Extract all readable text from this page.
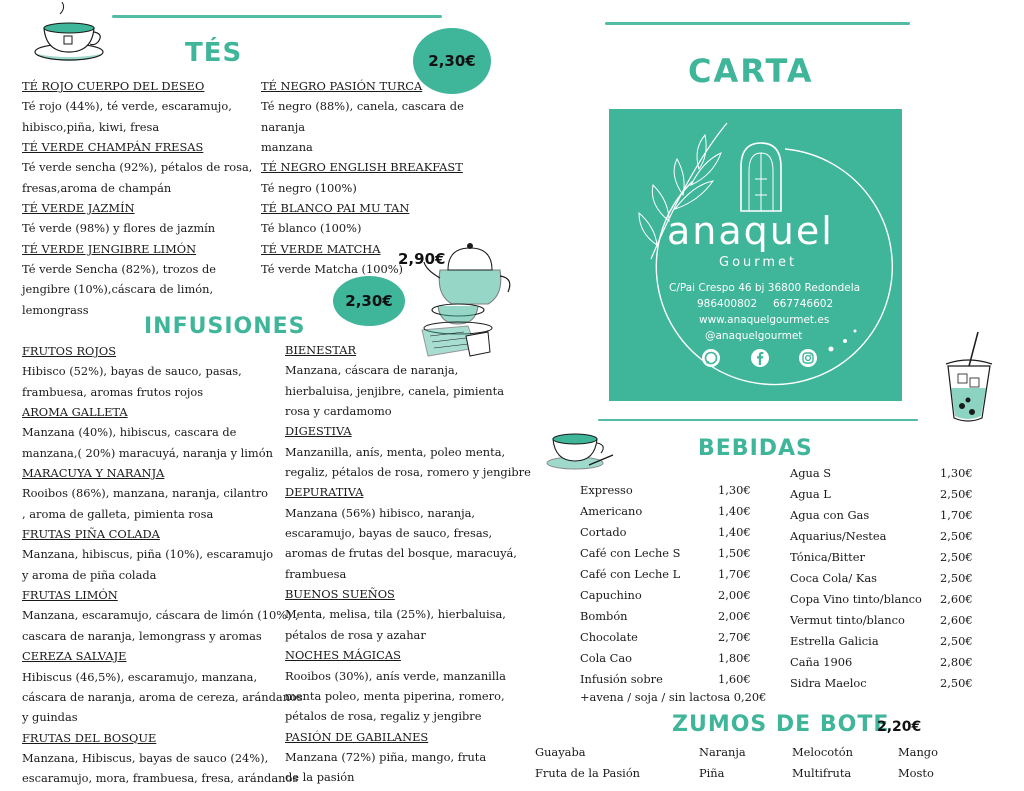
TÉS	2,30€
TÉ ROJO CUERPO DEL DESEO
Té rojo (44%), té verde, escaramujo,
hibisco,piña, kiwi, fresa
TÉ VERDE CHAMPÁN FRESAS
Té verde sencha (92%), pétalos de rosa,
fresas,aroma de champán
TÉ VERDE JAZMÍN
Té verde (98%) y flores de jazmín
TÉ VERDE JENGIBRE LIMÓN
Té verde Sencha (82%), trozos de
jengibre (10%),cáscara de limón,
lemongrass
TÉ NEGRO PASIÓN TURCA
Té negro (88%), canela, cascara de
naranja
manzana
TÉ NEGRO ENGLISH BREAKFAST
Té negro (100%)
TÉ BLANCO PAI MU TAN
Té blanco (100%)
TÉ VERDE MATCHA
Té verde Matcha (100%)
2,90€
2,30€
INFUSIONES
FRUTOS ROJOS
Hibisco (52%), bayas de sauco, pasas,
frambuesa, aromas frutos rojos
AROMA GALLETA
Manzana (40%), hibiscus, cascara de
manzana,( 20%) maracuyá, naranja y limón
MARACUYA Y NARANJA
Rooibos (86%), manzana, naranja, cilantro
, aroma de galleta, pimienta rosa
FRUTAS PIÑA COLADA
Manzana, hibiscus, piña (10%), escaramujo
y aroma de piña colada
FRUTAS LIMÓN
Manzana, escaramujo, cáscara de limón (10%) ,
cascara de naranja, lemongrass y aromas
CEREZA SALVAJE
Hibiscus (46,5%), escaramujo, manzana,
cáscara de naranja, aroma de cereza, arándanos
y guindas
FRUTAS DEL BOSQUE
Manzana, Hibiscus, bayas de sauco (24%),
escaramujo, mora, frambuesa, fresa, arándanos
BIENESTAR
Manzana, cáscara de naranja,
hierbaluisa, jenjibre, canela, pimienta
rosa y cardamomo
DIGESTIVA
Manzanilla, anís, menta, poleo menta,
regaliz, pétalos de rosa, romero y jengibre
DEPURATIVA
Manzana (56%) hibisco, naranja,
escaramujo, bayas de sauco, fresas,
aromas de frutas del bosque, maracuyá,
frambuesa
BUENOS SUEÑOS
Menta, melisa, tila (25%), hierbaluisa,
pétalos de rosa y azahar
NOCHES MÁGICAS
Rooibos (30%), anís verde, manzanilla
menta poleo, menta piperina, romero,
pétalos de rosa, regaliz y jengibre
PASIÓN DE GABILANES
Manzana (72%) piña, mango, fruta
de la pasión
CARTA
anaquel
Gourmet
C/Pai Crespo 46 bj 36800 Redondela
986400802 667746602
www.anaquelgourmet.es
@anaquelgourmet
BEBIDAS
Expresso	1,30€
Americano	1,40€
Cortado	1,40€
Café con Leche S	1,50€
Café con Leche L	1,70€
Capuchino	2,00€
Bombón	2,00€
Chocolate	2,70€
Cola Cao	1,80€
Infusión sobre	1,60€
+avena / soja / sin lactosa 0,20€
Agua S	1,30€
Agua L	2,50€
Agua con Gas	1,70€
Aquarius/Nestea	2,50€
Tónica/Bitter	2,50€
Coca Cola/ Kas	2,50€
Copa Vino tinto/blanco	2,60€
Vermut tinto/blanco	2,60€
Estrella Galicia	2,50€
Caña 1906	2,80€
Sidra Maeloc	2,50€
ZUMOS DE BOTE
2,20€
Guayaba	Naranja	Melocotón	Mango
Fruta de la Pasión	Piña	Multifruta	Mosto
